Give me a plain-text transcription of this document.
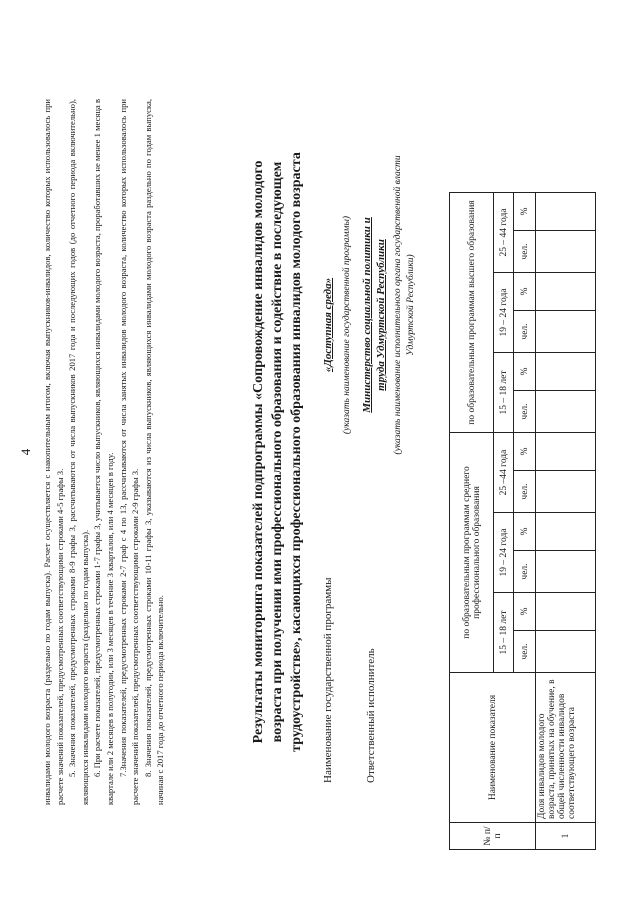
4 инвалидами молодого возраста (раздельно по годам выпуска). Расчет осуществляется с накопительным итогом, включая выпускников-инвалидов, количество которых использовалось при расчете значений показателей, предусмотренных соответствующими строками 4-5 графы 3. 5. Значения показателей, предусмотренных строками 8-9 графы 3, рассчитываются от числа выпускников 2017 года и последующих годов (до отчетного периода включительно), являющихся инвалидами молодого возраста (раздельно по годам выпуска). 6. При расчете показателей, предусмотренных строками 1-7 графы 3, учитывается число выпускников, являющихся инвалидами молодого возраста, проработавших не менее 1 месяца в квартале или 2 месяцев в полугодии, или 3 месяцев в течение 3 кварталов, или 4 месяцев в году. 7.Значения показателей, предусмотренных строками 2-7 граф с 4 по 13, рассчитываются от числа занятых инвалидов молодого возраста, количество которых использовалось при расчете значений показателей, предусмотренных соответствующими строками 2-9 графы 3. 8. Значения показателей, предусмотренных строками 10-11 графы 3, указываются из числа выпускников, являющихся инвалидами молодого возраста раздельно по годам выпуска, начиная с 2017 года до отчетного периода включительно.	Результаты мониторинга показателей подпрограммы «Сопровождение инвалидов молодого возраста при получении ими профессионального образования и содействие в последующем трудоустройстве», касающихся профессионального образования инвалидов молодого возраста Наименование государственной программы
«Доступная среда» (указать наименование государственной программы)
Ответственный исполнитель
Министерство социальной политики и труда Удмуртской Республики (указать наименование исполнительного органа государственной власти Удмуртской Республики)
№ п/п	Наименование показателя	по образовательным программам среднего профессионального образования						по образовательным программам высшего образования					
		15 – 18 лет		19 – 24 года		25 –44 года		15 – 18 лет		19 – 24 года		25 – 44 года	
		чел.	%	чел.	%	чел.	%	чел.	%	чел.	%	чел.	%
1	Доля инвалидов молодого возраста, принятых на обучение, в общей численности инвалидов соответствующего возраста												
